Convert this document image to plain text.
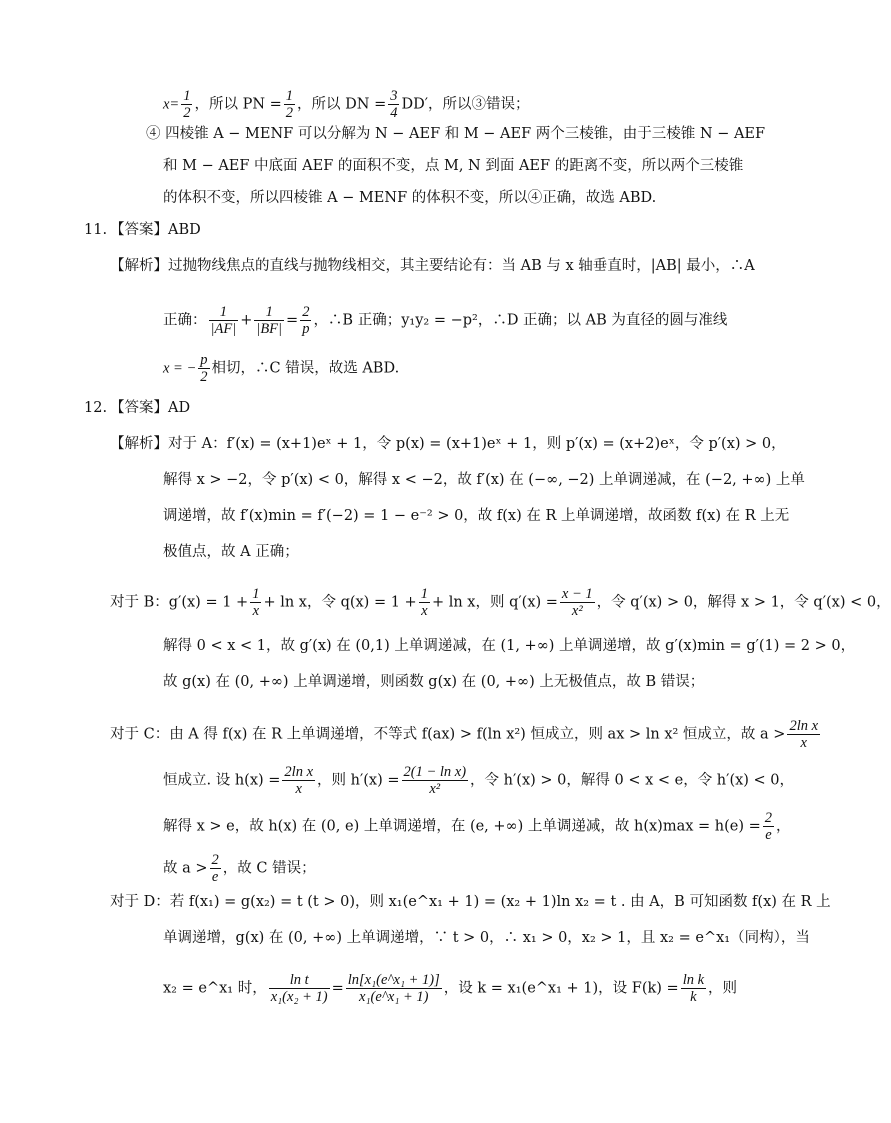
$x= \frac{1}{2}$ ，所以 PN = $\frac{1}{2}$ ，所以 DN = $\frac{3}{4} DD'$，所以③错误；
④ 四棱锥 A − MENF 可以分解为 N − AEF 和 M − AEF 两个三棱锥，由于三棱锥 N − AEF
和 M − AEF 中底面 AEF 的面积不变，点 M, N 到面 AEF 的距离不变，所以两个三棱锥
的体积不变，所以四棱锥 A − MENF 的体积不变，所以④正确，故选 ABD.
11. 【答案】ABD
【解析】过抛物线焦点的直线与抛物线相交，其主要结论有：当 AB 与 x 轴垂直时，|AB| 最小，∴A
正确： $\frac{1}{|AF|} + \frac{1}{|BF|} = \frac{2}{p}$ ，∴B 正确；y₁y₂ = −p²，∴D 正确；以 AB 为直径的圆与准线
x = − $\frac{p}{2}$ 相切，∴C 错误，故选 ABD.
12. 【答案】AD
【解析】对于 A：f′(x) = (x+1)eˣ + 1，令 p(x) = (x+1)eˣ + 1，则 p′(x) = (x+2)eˣ，令 p′(x) > 0，
解得 x > −2，令 p′(x) < 0，解得 x < −2，故 f′(x) 在 (−∞, −2) 上单调递减，在 (−2, +∞) 上单
调递增，故 f′(x)min = f′(−2) = 1 − e⁻² > 0，故 f(x) 在 R 上单调递增，故函数 f(x) 在 R 上无
极值点，故 A 正确；
对于 B：$g'(x) = 1 + \frac{1}{x} + \ln x$，令 $q(x) = 1 + \frac{1}{x} + \ln x$，则 $q'(x) = \frac{x - 1}{\text{x²}}$ ，令 q′(x) > 0，解得 x > 1，令 q′(x) < 0，
解得 0 < x < 1，故 g′(x) 在 (0,1) 上单调递减，在 (1, +∞) 上单调递增，故 g′(x)min = g′(1) = 2 > 0，
故 g(x) 在 (0, +∞) 上单调递增，则函数 g(x) 在 (0, +∞) 上无极值点，故 B 错误；
对于 C：由 A 得 f(x) 在 R 上单调递增，不等式 f(ax) > f(ln x²) 恒成立，则 ax > ln x² 恒成立，故 $a > \frac{\text{2ln x}}{x}$
恒成立. 设 $h(x) = \frac{\text{2ln x}}{x}$ ，则 $h'(x) = \frac{\text{2(1 − ln x)}}{\text{x²}}$ ，令 h′(x) > 0，解得 0 < x < e，令 h′(x) < 0，
解得 x > e，故 h(x) 在 (0, e) 上单调递增，在 (e, +∞) 上单调递减，故 $h(x)\max = h(e) = \frac{2}{e}$ ，
故 $a > \frac{2}{e}$ ，故 C 错误；
对于 D：若 f(x₁) = g(x₂) = t (t > 0)，则 x₁(e^x₁ + 1) = (x₂ + 1)ln x₂ = t . 由 A，B 可知函数 f(x) 在 R 上
单调递增，g(x) 在 (0, +∞) 上单调递增，∵ t > 0，∴ x₁ > 0，x₂ > 1，且 x₂ = e^x₁（同构），当
x₂ = e^x₁ 时， $\frac{\text{ln t}}{\text{x₁(x₂ + 1)}} = \frac{\text{ln[x₁(e\textasciicircum{}x₁ + 1)]}}{\text{x₁(e\textasciicircum{}x₁ + 1)}}$ ，设 k = x₁(e^x₁ + 1)，设 $F(k) = \frac{\text{ln k}}{k}$ ，则
